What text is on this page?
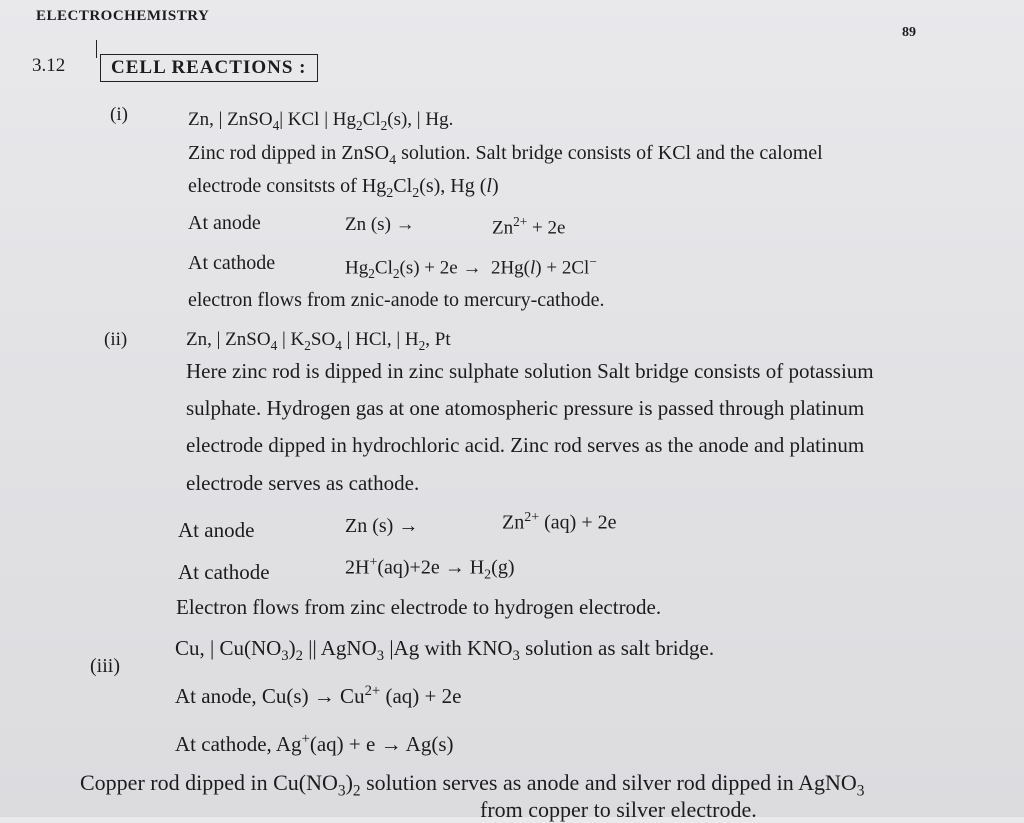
ELECTROCHEMISTRY
89
3.12	CELL REACTIONS :
(i)	Zn, | ZnSO$_4$| KCl | $Hg_2Cl_2(s)$, | Hg.
Zinc rod dipped in ZnSO$_4$ solution. Salt bridge consists of KCl and the calomel
electrode consitsts of $Hg_2Cl_2(s)$, Hg (l)
At anode	Zn (s) →	$Zn^{2+} + 2e$
At cathode	$Hg_2Cl_2(s) + 2e \to 2Hg(l) + 2Cl^-$
electron flows from znic-anode to mercury-cathode.
(ii)	Zn, | ZnSO$_4$ | $K_2SO_4$ | HCl, | $H_2$, Pt
Here zinc rod is dipped in zinc sulphate solution Salt bridge consists of potassium
sulphate. Hydrogen gas at one atomospheric pressure is passed through platinum
electrode dipped in hydrochloric acid. Zinc rod serves as the anode and platinum
electrode serves as cathode.
At anode	Zn (s) →	$Zn^{2+}$ (aq) + 2e
At cathode	$2H^+(aq)+2e \to H_2(g)$
Electron flows from zinc electrode to hydrogen electrode.
(iii)
Cu, | $Cu(NO_3)_2$ || AgNO$_3$ |Ag with $KNO_3$ solution as salt bridge.
At anode, $Cu(s) \to Cu^{2+}$ (aq) + 2e
At cathode, Ag+(aq) + e → Ag(s)
Copper rod dipped in $Cu(NO_3)_2$ solution serves as anode and silver rod dipped in AgNO$_3$
from copper to silver electrode.
